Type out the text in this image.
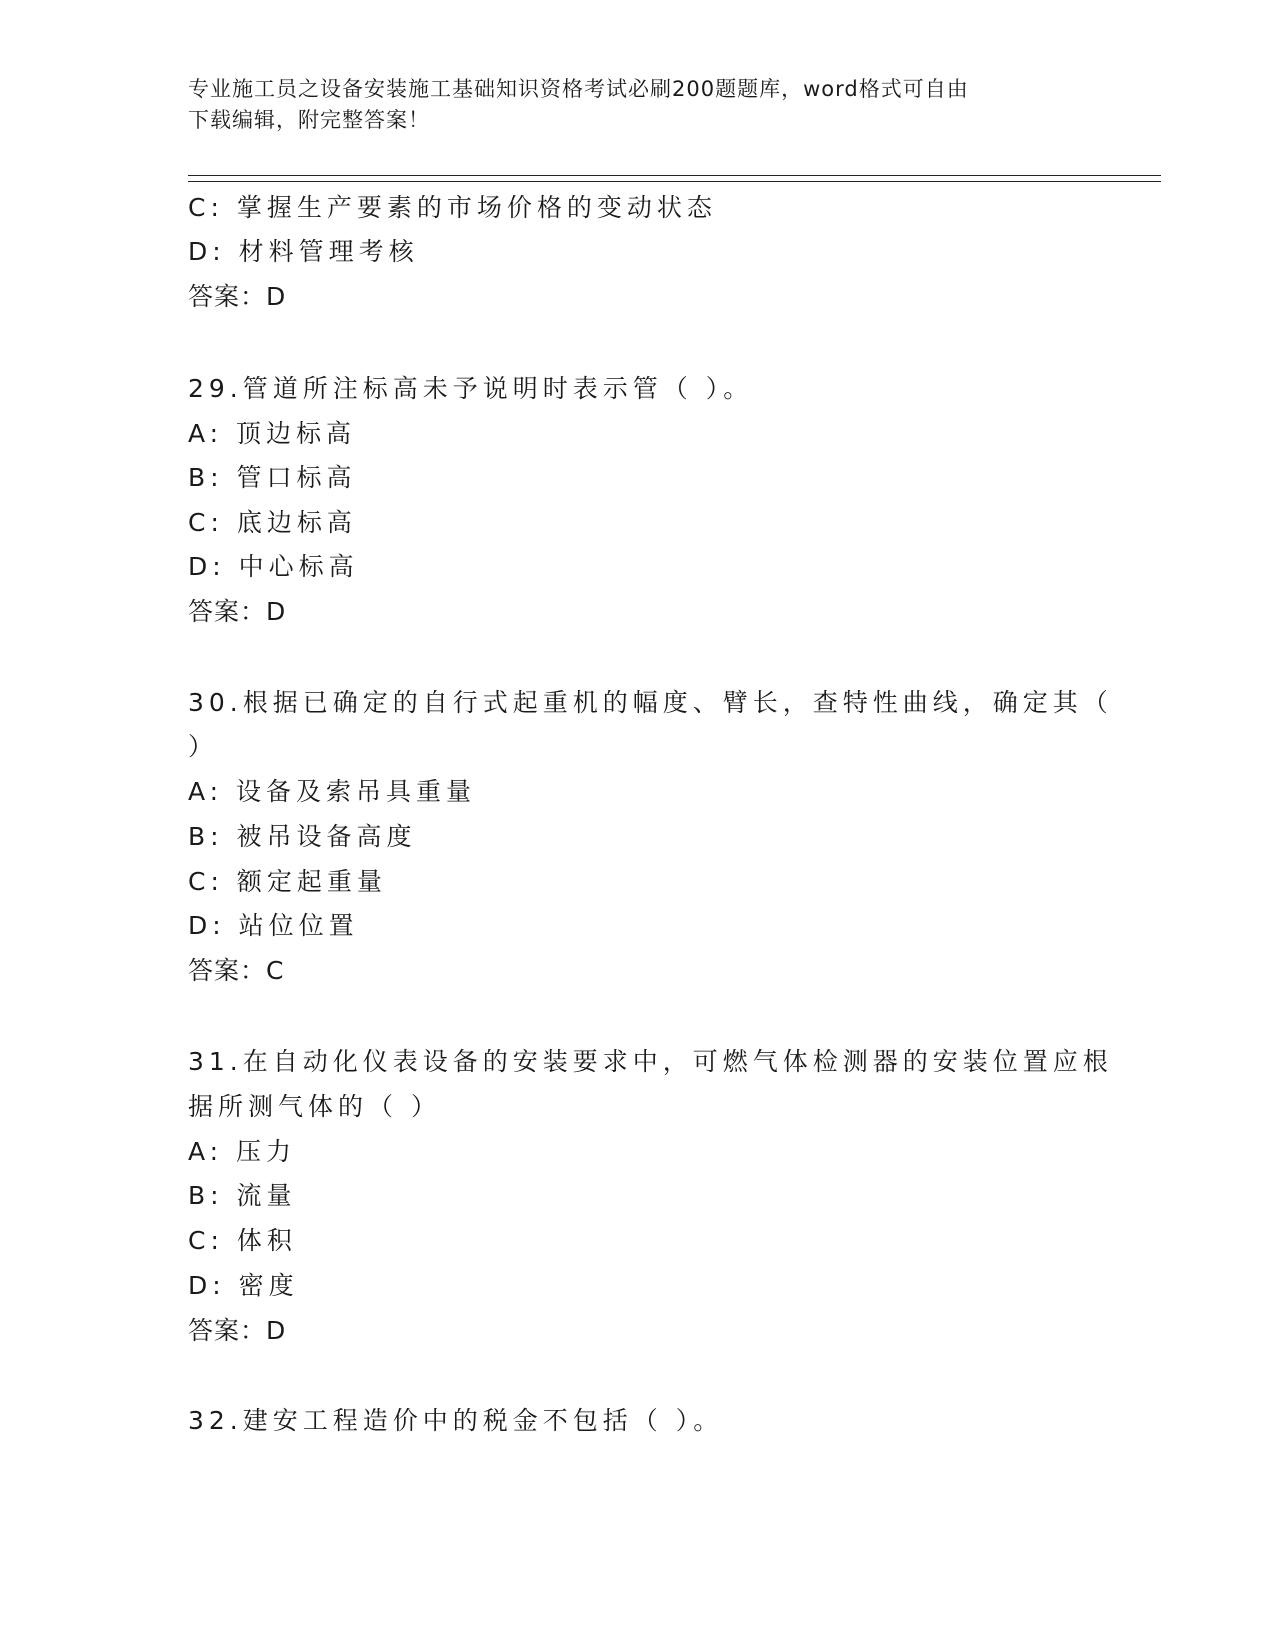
专业施工员之设备安装施工基础知识资格考试必刷200题题库，word格式可自由
下载编辑，附完整答案！
C: 掌握生产要素的市场价格的变动状态
D: 材料管理考核
答案：D
29.管道所注标高未予说明时表示管（ ）。
A: 顶边标高
B: 管口标高
C: 底边标高
D: 中心标高
答案：D
30.根据已确定的自行式起重机的幅度、臂长，查特性曲线，确定其（
）
A: 设备及索吊具重量
B: 被吊设备高度
C: 额定起重量
D: 站位位置
答案：C
31.在自动化仪表设备的安装要求中，可燃气体检测器的安装位置应根
据所测气体的（ ）
A: 压力
B: 流量
C: 体积
D: 密度
答案：D
32.建安工程造价中的税金不包括（ ）。
